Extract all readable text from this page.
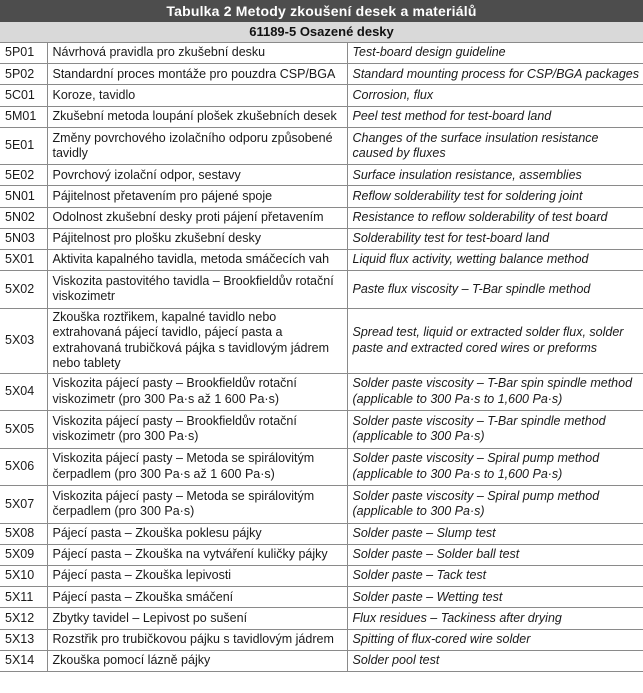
Tabulka 2 Metody zkoušení desek a materiálů
61189-5 Osazené desky
5P01	Návrhová pravidla pro zkušební desku	Test-board design guideline
5P02	Standardní proces montáže pro pouzdra CSP/BGA	Standard mounting process for CSP/BGA packages
5C01	Koroze, tavidlo	Corrosion, flux
5M01	Zkušební metoda loupání plošek zkušebních desek	Peel test method for test-board land
5E01	Změny povrchového izolačního odporu způsobené tavidly	Changes of the surface insulation resistance caused by fluxes
5E02	Povrchový izolační odpor, sestavy	Surface insulation resistance, assemblies
5N01	Pájitelnost přetavením pro pájené spoje	Reflow solderability test for soldering joint
5N02	Odolnost zkušební desky proti pájení přetavením	Resistance to reflow solderability of test board
5N03	Pájitelnost pro plošku zkušební desky	Solderability test for test-board land
5X01	Aktivita kapalného tavidla, metoda smáčecích vah	Liquid flux activity, wetting balance method
5X02	Viskozita pastovitého tavidla – Brookfieldův rotační viskozimetr	Paste flux viscosity – T-Bar spindle method
5X03	Zkouška roztřikem, kapalné tavidlo nebo extrahovaná pájecí tavidlo, pájecí pasta a extrahovaná trubičková pájka s tavidlovým jádrem nebo tablety	Spread test, liquid or extracted solder flux, solder paste and extracted cored wires or preforms
5X04	Viskozita pájecí pasty – Brookfieldův rotační viskozimetr (pro 300 Pa·s až 1 600 Pa·s)	Solder paste viscosity – T-Bar spin spindle method (applicable to 300 Pa·s to 1,600 Pa·s)
5X05	Viskozita pájecí pasty – Brookfieldův rotační viskozimetr (pro 300 Pa·s)	Solder paste viscosity – T-Bar spindle method (applicable to 300 Pa·s)
5X06	Viskozita pájecí pasty – Metoda se spirálovitým čerpadlem (pro 300 Pa·s až 1 600 Pa·s)	Solder paste viscosity – Spiral pump method (applicable to 300 Pa·s to 1,600 Pa·s)
5X07	Viskozita pájecí pasty – Metoda se spirálovitým čerpadlem (pro 300 Pa·s)	Solder paste viscosity – Spiral pump method (applicable to 300 Pa·s)
5X08	Pájecí pasta – Zkouška poklesu pájky	Solder paste – Slump test
5X09	Pájecí pasta – Zkouška na vytváření kuličky pájky	Solder paste – Solder ball test
5X10	Pájecí pasta – Zkouška lepivosti	Solder paste – Tack test
5X11	Pájecí pasta – Zkouška smáčení	Solder paste – Wetting test
5X12	Zbytky tavidel – Lepivost po sušení	Flux residues – Tackiness after drying
5X13	Rozstřik pro trubičkovou pájku s tavidlovým jádrem	Spitting of flux-cored wire solder
5X14	Zkouška pomocí lázně pájky	Solder pool test
